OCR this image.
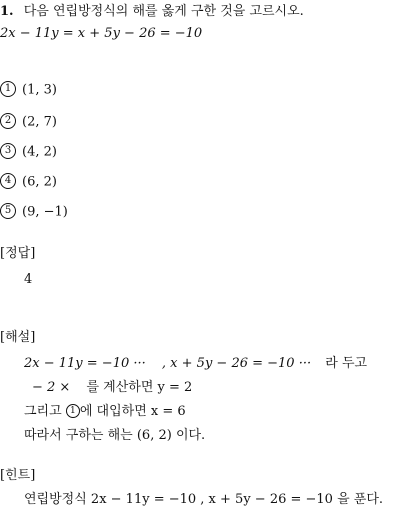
1. 다음 연립방정식의 해를 옳게 구한 것을 고르시오.
2x − 11y = x + 5y − 26 = −10
1 (1, 3)
2 (2, 7)
3 (4, 2)
4 (6, 2)
5 (9, −1)
[정답]
4
[해설]
2x − 11y = −10 ··· , x + 5y − 26 = −10 ··· 라 두고
− 2 × 를 계산하면 y = 2
그리고 1 에 대입하면 x = 6
따라서 구하는 해는 (6, 2) 이다.
[힌트]
연립방정식 2x − 11y = −10 , x + 5y − 26 = −10 을 푼다.
